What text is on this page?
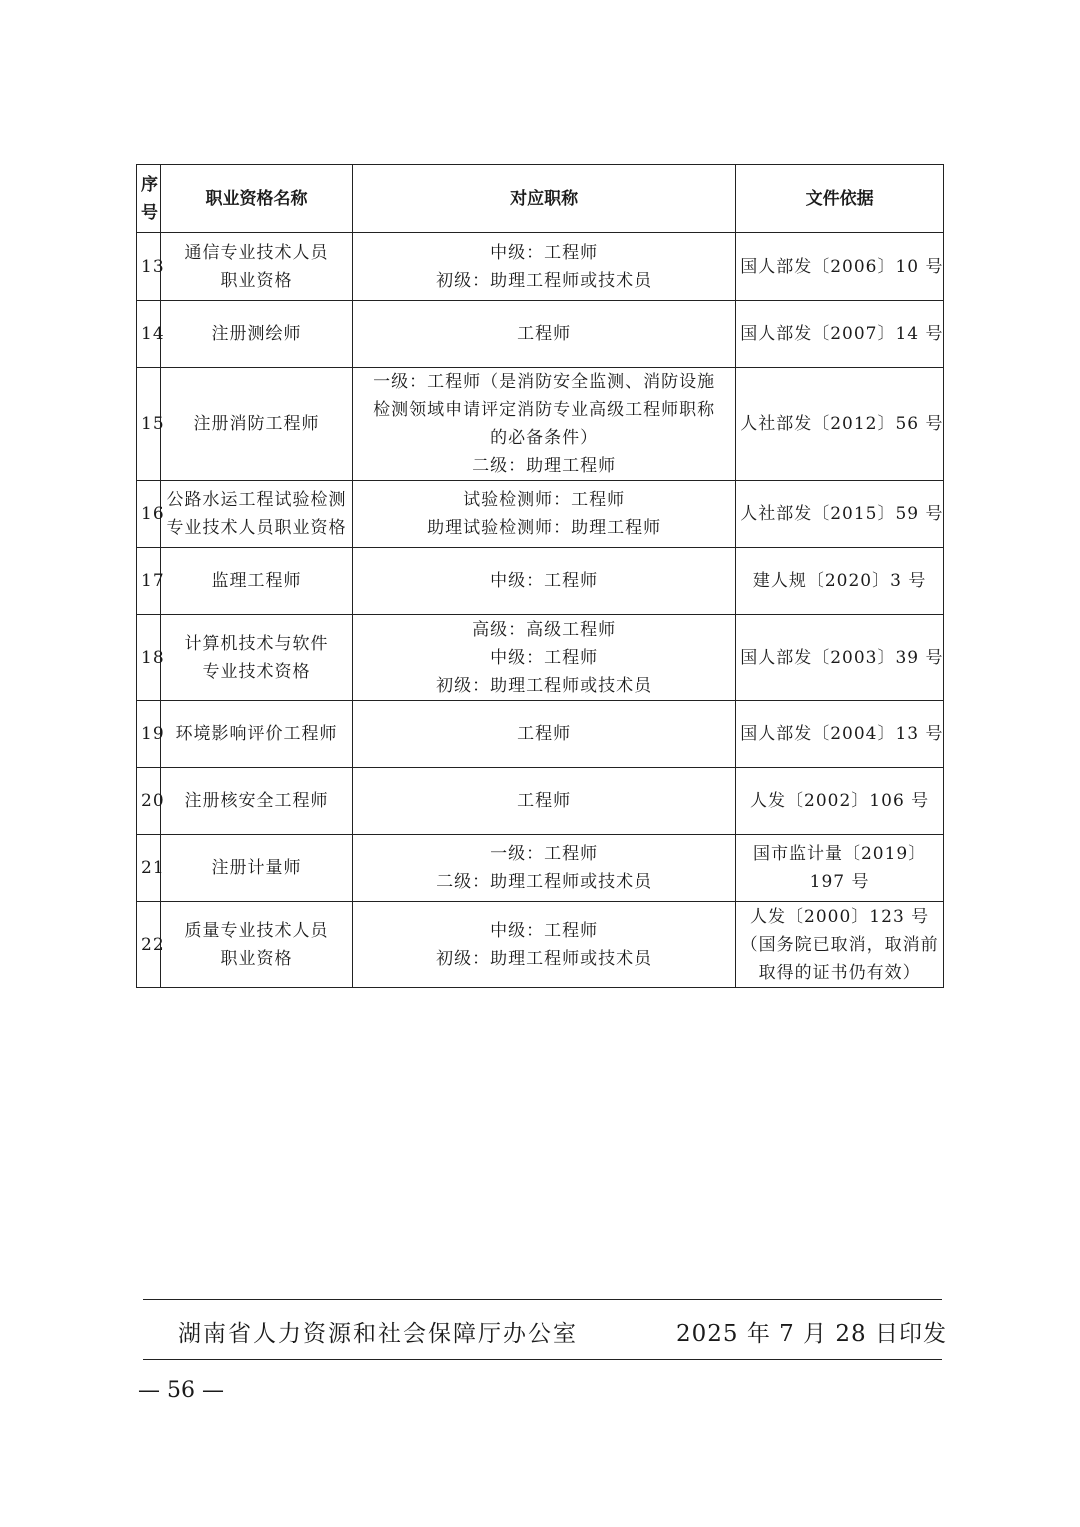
序
号	职业资格名称	对应职称	文件依据
13	通信专业技术人员
职业资格	中级：工程师
初级：助理工程师或技术员	国人部发〔2006〕10 号

14	注册测绘师	工程师	国人部发〔2007〕14 号

15	注册消防工程师	一级：工程师（是消防安全监测、消防设施
检测领域申请评定消防专业高级工程师职称
的必备条件）
二级：助理工程师	人社部发〔2012〕56 号

16	公路水运工程试验检测
专业技术人员职业资格	试验检测师：工程师
助理试验检测师：助理工程师	人社部发〔2015〕59 号

17	监理工程师	中级：工程师	建人规〔2020〕3 号

18	计算机技术与软件
专业技术资格	高级：高级工程师
中级：工程师
初级：助理工程师或技术员	国人部发〔2003〕39 号

19	环境影响评价工程师	工程师	国人部发〔2004〕13 号

20	注册核安全工程师	工程师	人发〔2002〕106 号

21	注册计量师	一级：工程师
二级：助理工程师或技术员	国市监计量〔2019〕
197 号

22	质量专业技术人员
职业资格	中级：工程师
初级：助理工程师或技术员	人发〔2000〕123 号
（国务院已取消，取消前
取得的证书仍有效）
湖南省人力资源和社会保障厅办公室	2025 年 7 月 28 日印发
— 56 —
